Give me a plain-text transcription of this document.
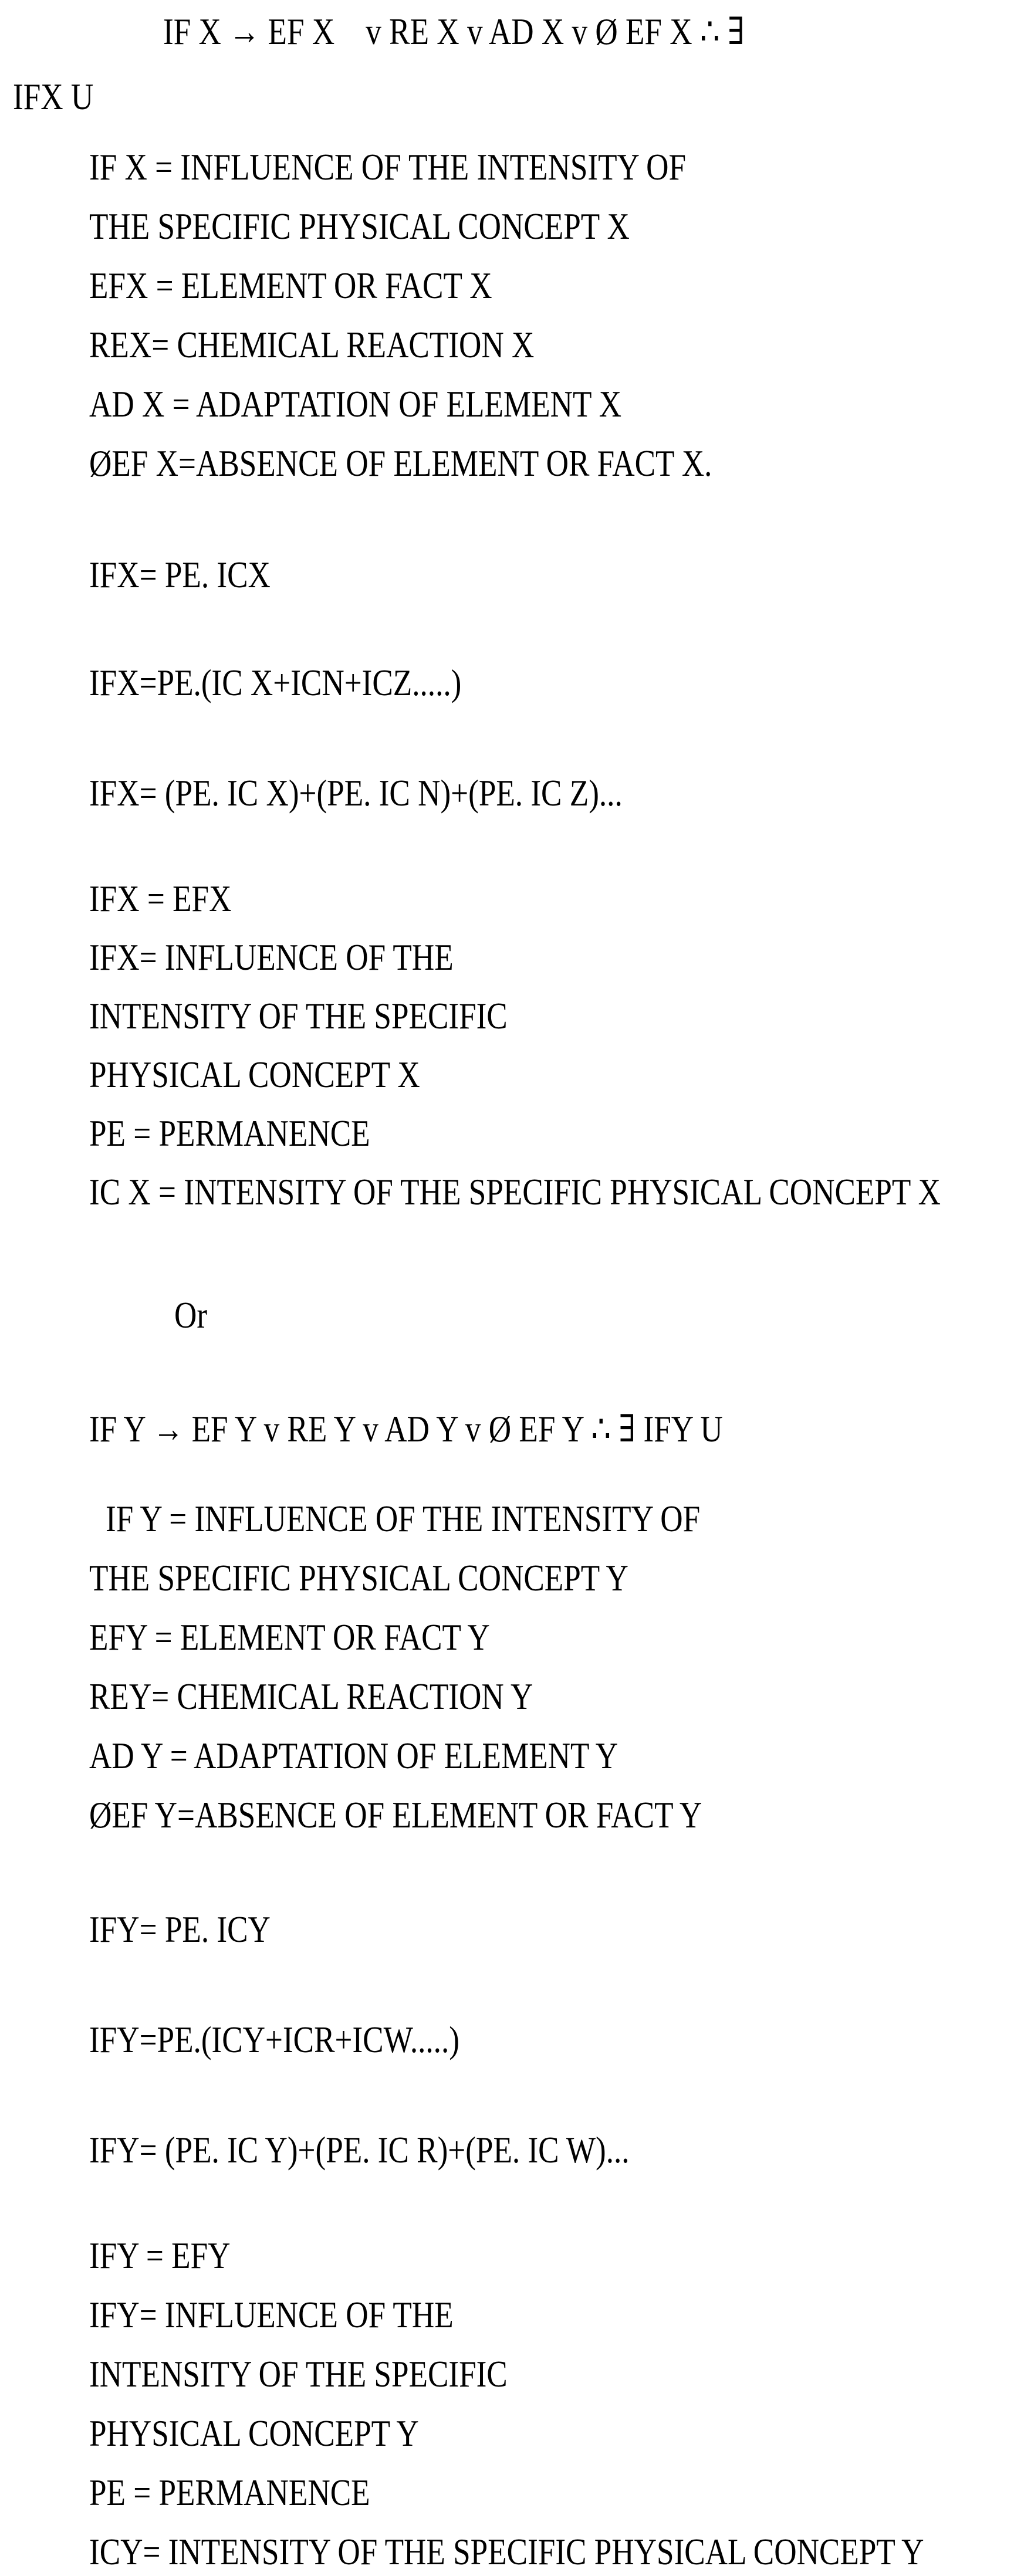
IF X → EF X    v RE X v AD X v Ø EF X ∴ ∃
IFX U
IF X = INFLUENCE OF THE INTENSITY OF
THE SPECIFIC PHYSICAL CONCEPT X
EFX = ELEMENT OR FACT X
REX= CHEMICAL REACTION X
AD X = ADAPTATION OF ELEMENT X
ØEF X=ABSENCE OF ELEMENT OR FACT X.
IFX= PE. ICX
IFX=PE.(IC X+ICN+ICZ.....)
IFX= (PE. IC X)+(PE. IC N)+(PE. IC Z)...
IFX = EFX
IFX= INFLUENCE OF THE
INTENSITY OF THE SPECIFIC
PHYSICAL CONCEPT X
PE = PERMANENCE
IC X = INTENSITY OF THE SPECIFIC PHYSICAL CONCEPT X
Or
IF Y → EF Y v RE Y v AD Y v Ø EF Y ∴ ∃ IFY U
IF Y = INFLUENCE OF THE INTENSITY OF
THE SPECIFIC PHYSICAL CONCEPT Y
EFY = ELEMENT OR FACT Y
REY= CHEMICAL REACTION Y
AD Y = ADAPTATION OF ELEMENT Y
ØEF Y=ABSENCE OF ELEMENT OR FACT Y
IFY= PE. ICY
IFY=PE.(ICY+ICR+ICW.....)
IFY= (PE. IC Y)+(PE. IC R)+(PE. IC W)...
IFY = EFY
IFY= INFLUENCE OF THE
INTENSITY OF THE SPECIFIC
PHYSICAL CONCEPT Y
PE = PERMANENCE
ICY= INTENSITY OF THE SPECIFIC PHYSICAL CONCEPT Y
